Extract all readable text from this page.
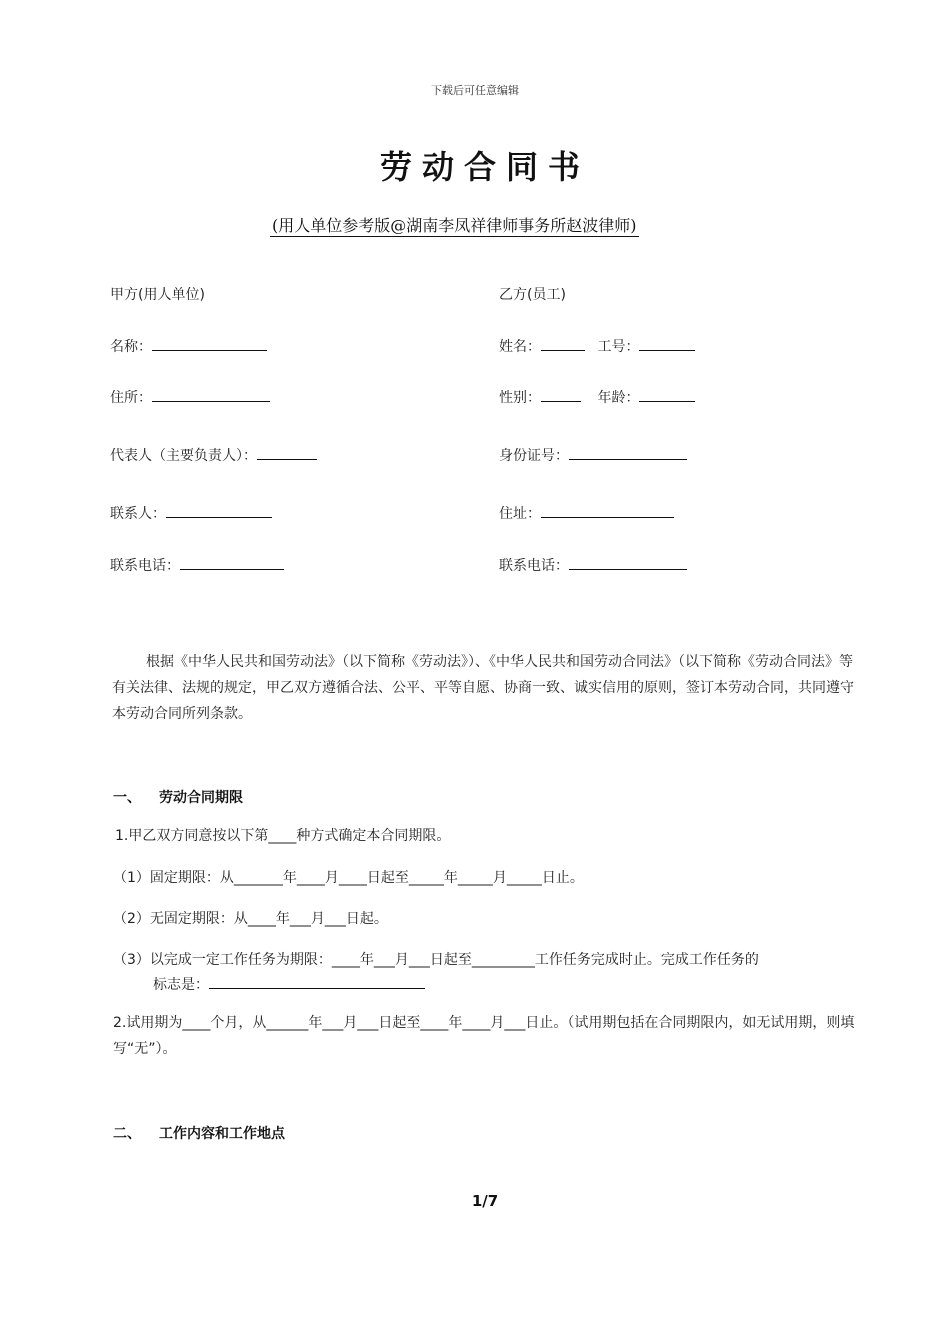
下载后可任意编辑
劳动合同书
(用人单位参考版@湖南李凤祥律师事务所赵波律师)
甲方(用人单位)
名称：
住所：
代表人（主要负责人）：
联系人：
联系电话：
乙方(员工)
姓名：	工号：
性别：	年龄：
身份证号：
住址：
联系电话：
根据《中华人民共和国劳动法》（以下简称《劳动法》）、《中华人民共和国劳动合同法》（以下简称《劳动合同法》等有关法律、法规的规定，甲乙双方遵循合法、公平、平等自愿、协商一致、诚实信用的原则，签订本劳动合同，共同遵守本劳动合同所列条款。
一、 劳动合同期限
1.甲乙双方同意按以下第____种方式确定本合同期限。
（1）固定期限：从_______年____月____日起至_____年_____月_____日止。
（2）无固定期限：从____年___月___日起。
（3）以完成一定工作任务为期限：____年___月___日起至_________工作任务完成时止。完成工作任务的
标志是：
2.试用期为____个月，从______年___月___日起至____年____月___日止。（试用期包括在合同期限内，如无试用期，则填写“无”）。
二、 工作内容和工作地点
1/7
